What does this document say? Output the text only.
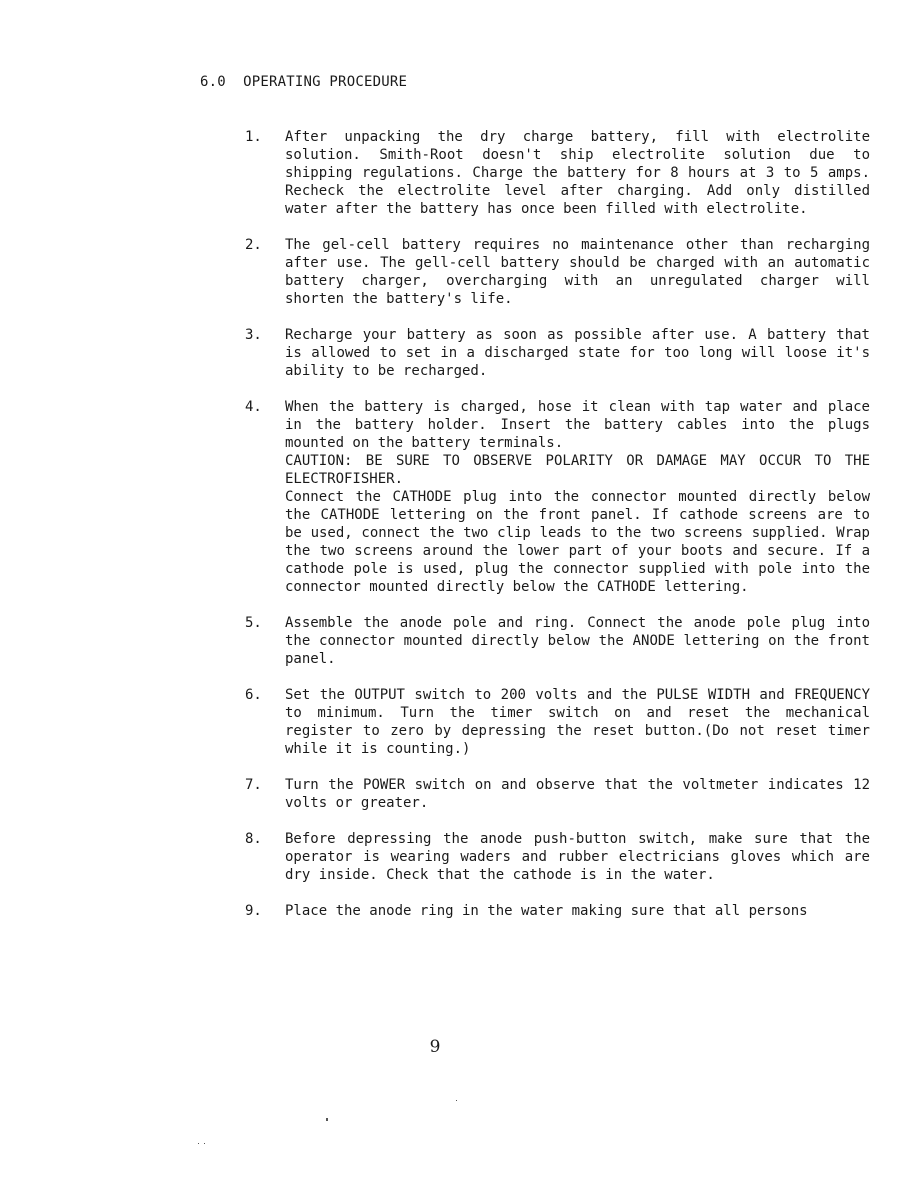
6.0  OPERATING PROCEDURE
1.	After unpacking the dry charge battery, fill with electrolite solution. Smith-Root doesn't ship electrolite solution due to shipping regulations. Charge the battery for 8 hours at 3 to 5 amps. Recheck the electrolite level after charging. Add only distilled water after the battery has once been filled with electrolite.

2.	The gel-cell battery requires no maintenance other than recharging after use. The gell-cell battery should be charged with an automatic battery charger, overcharging with an unregulated charger will shorten the battery's life.

3.	Recharge your battery as soon as possible after use. A battery that is allowed to set in a discharged state for too long will loose it's ability to be recharged.

4.	When the battery is charged, hose it clean with tap water and place in the battery holder. Insert the battery cables into the plugs mounted on the battery terminals.

CAUTION: BE SURE TO OBSERVE POLARITY OR DAMAGE MAY OCCUR TO THE ELECTROFISHER.

Connect the CATHODE plug into the connector mounted directly below the CATHODE lettering on the front panel. If cathode screens are to be used, connect the two clip leads to the two screens supplied. Wrap the two screens around the lower part of your boots and secure. If a cathode pole is used, plug the connector supplied with pole into the connector mounted directly below the CATHODE lettering.

5.	Assemble the anode pole and ring. Connect the anode pole plug into the connector mounted directly below the ANODE lettering on the front panel.

6.	Set the OUTPUT switch to 200 volts and the PULSE WIDTH and FREQUENCY to minimum. Turn the timer switch on and reset the mechanical register to zero by depressing the reset button.(Do not reset timer while it is counting.)

7.	Turn the POWER switch on and observe that the voltmeter indicates 12 volts or greater.

8.	Before depressing the anode push-button switch, make sure that the operator is wearing waders and rubber electricians gloves which are dry inside. Check that the cathode is in the water.

9.	Place the anode ring in the water making sure that all persons

9
